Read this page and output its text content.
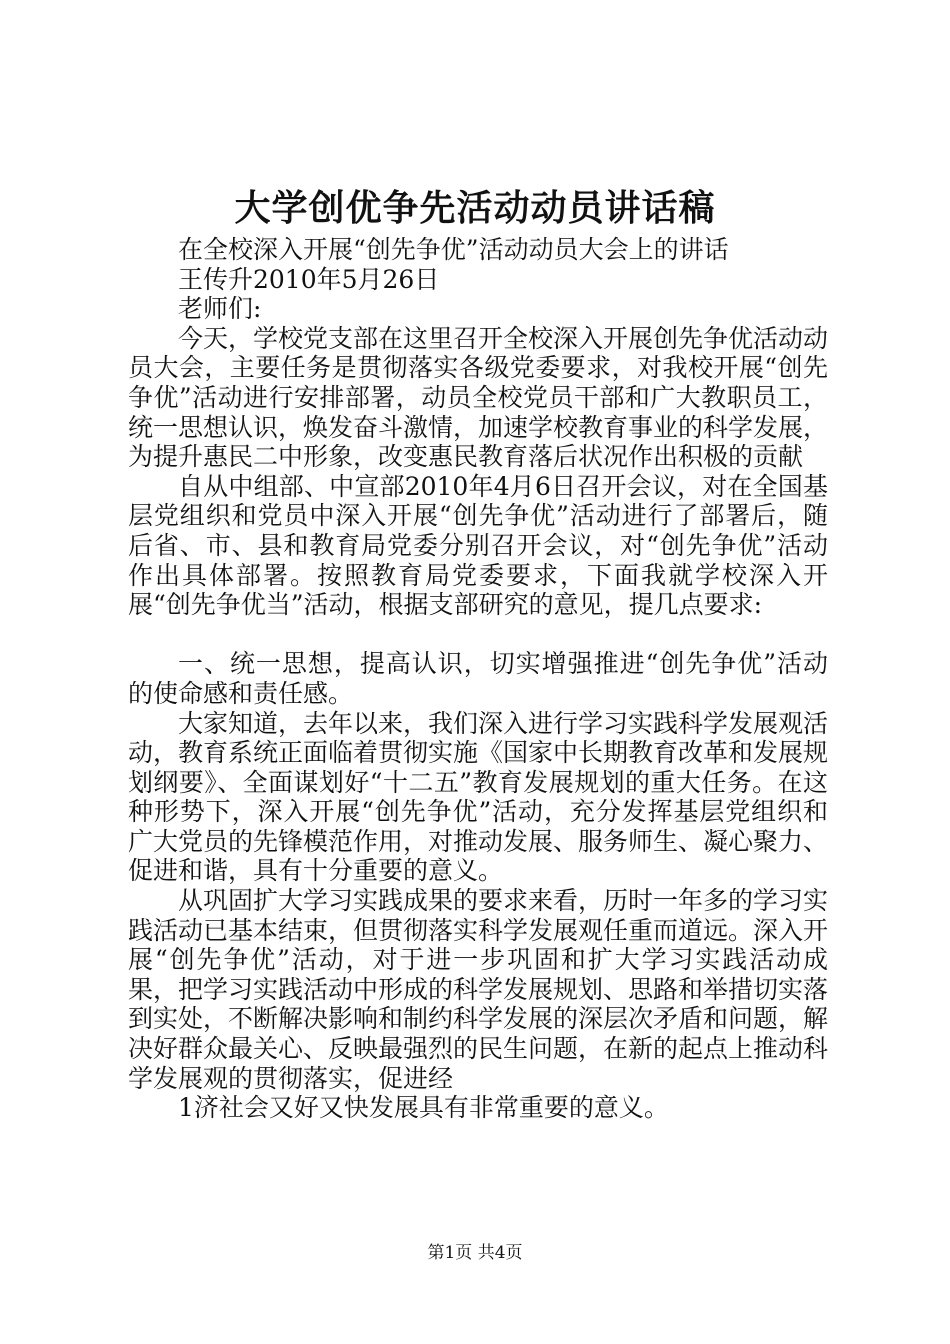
大学创优争先活动动员讲话稿

在全校深入开展“创先争优”活动动员大会上的讲话

王传升2010年5月26日

老师们:

今天，学校党支部在这里召开全校深入开展创先争优活动动员大会，主要任务是贯彻落实各级党委要求，对我校开展“创先争优”活动进行安排部署，动员全校党员干部和广大教职员工，统一思想认识，焕发奋斗激情，加速学校教育事业的科学发展，为提升惠民二中形象，改变惠民教育落后状况作出积极的贡献

自从中组部、中宣部2010年4月6日召开会议，对在全国基层党组织和党员中深入开展“创先争优”活动进行了部署后，随后省、市、县和教育局党委分别召开会议，对“创先争优”活动作出具体部署。按照教育局党委要求，下面我就学校深入开展“创先争优当”活动，根据支部研究的意见，提几点要求:

一、统一思想，提高认识，切实增强推进“创先争优”活动的使命感和责任感。

大家知道，去年以来，我们深入进行学习实践科学发展观活动，教育系统正面临着贯彻实施《国家中长期教育改革和发展规划纲要》、全面谋划好“十二五”教育发展规划的重大任务。在这种形势下，深入开展“创先争优”活动，充分发挥基层党组织和广大党员的先锋模范作用，对推动发展、服务师生、凝心聚力、促进和谐，具有十分重要的意义。

从巩固扩大学习实践成果的要求来看，历时一年多的学习实践活动已基本结束，但贯彻落实科学发展观任重而道远。深入开展“创先争优”活动，对于进一步巩固和扩大学习实践活动成果，把学习实践活动中形成的科学发展规划、思路和举措切实落到实处，不断解决影响和制约科学发展的深层次矛盾和问题，解决好群众最关心、反映最强烈的民生问题，在新的起点上推动科学发展观的贯彻落实，促进经

1济社会又好又快发展具有非常重要的意义。

第1页 共4页
